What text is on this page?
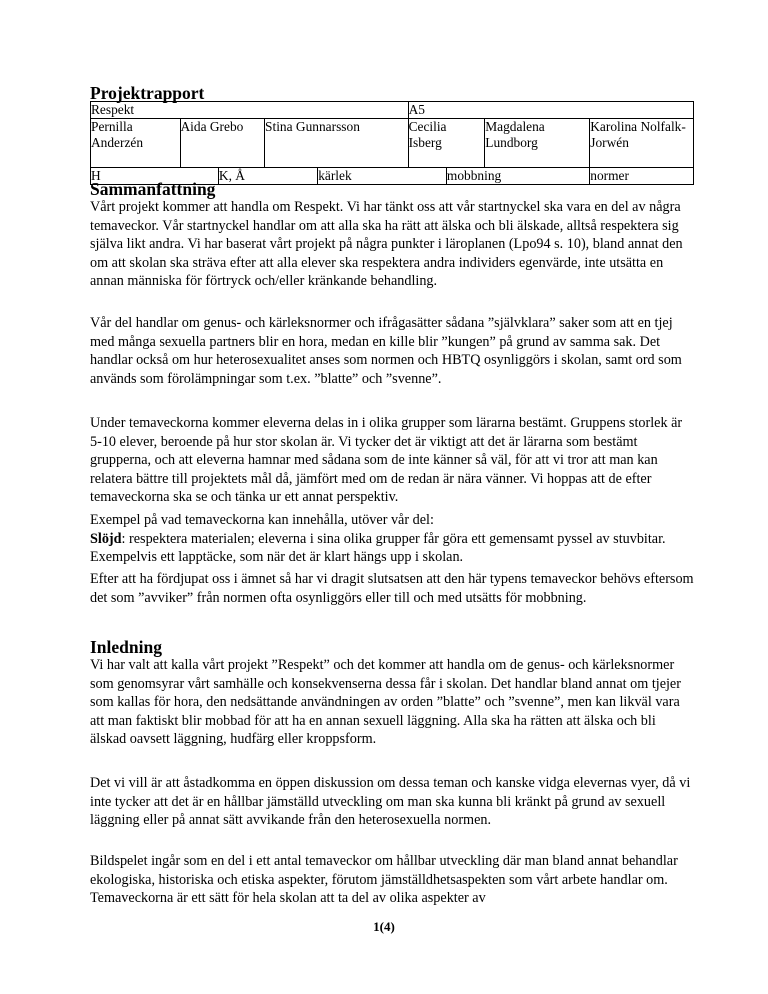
Projektrapport
Respekt					A5			
Pernilla Anderzén	Aida Grebo		Stina Gunnarsson		Cecilia Isberg		Magdalena Lundborg	Karolina Nolfalk-Jorwén
H		K, Å		kärlek		mobbning		normer
Sammanfattning

Vårt projekt kommer att handla om Respekt. Vi har tänkt oss att vår startnyckel ska vara en del av några temaveckor. Vår startnyckel handlar om att alla ska ha rätt att älska och bli älskade, alltså respektera sig själva likt andra. Vi har baserat vårt projekt på några punkter i läroplanen (Lpo94 s. 10), bland annat den om att skolan ska sträva efter att alla elever ska respektera andra individers egenvärde, inte utsätta en annan människa för förtryck och/eller kränkande behandling.

Vår del handlar om genus- och kärleksnormer och ifrågasätter sådana ”självklara” saker som att en tjej med många sexuella partners blir en hora, medan en kille blir ”kungen” på grund av samma sak. Det handlar också om hur heterosexualitet anses som normen och HBTQ osynliggörs i skolan, samt ord som används som förolämpningar som t.ex. ”blatte” och ”svenne”.

Under temaveckorna kommer eleverna delas in i olika grupper som lärarna bestämt. Gruppens storlek är 5-10 elever, beroende på hur stor skolan är. Vi tycker det är viktigt att det är lärarna som bestämt grupperna, och att eleverna hamnar med sådana som de inte känner så väl, för att vi tror att man kan relatera bättre till projektets mål då, jämfört med om de redan är nära vänner. Vi hoppas att de efter temaveckorna ska se och tänka ur ett annat perspektiv.

Exempel på vad temaveckorna kan innehålla, utöver vår del:
Slöjd: respektera materialen; eleverna i sina olika grupper får göra ett gemensamt pyssel av stuvbitar. Exempelvis ett lapptäcke, som när det är klart hängs upp i skolan.

Efter att ha fördjupat oss i ämnet så har vi dragit slutsatsen att den här typens temaveckor behövs eftersom det som ”avviker” från normen ofta osynliggörs eller till och med utsätts för mobbning.

Inledning

Vi har valt att kalla vårt projekt ”Respekt” och det kommer att handla om de genus- och kärleksnormer som genomsyrar vårt samhälle och konsekvenserna dessa får i skolan. Det handlar bland annat om tjejer som kallas för hora, den nedsättande användningen av orden ”blatte” och ”svenne”, men kan likväl vara att man faktiskt blir mobbad för att ha en annan sexuell läggning. Alla ska ha rätten att älska och bli älskad oavsett läggning, hudfärg eller kroppsform.

Det vi vill är att åstadkomma en öppen diskussion om dessa teman och kanske vidga elevernas vyer, då vi inte tycker att det är en hållbar jämställd utveckling om man ska kunna bli kränkt på grund av sexuell läggning eller på annat sätt avvikande från den heterosexuella normen.

Bildspelet ingår som en del i ett antal temaveckor om hållbar utveckling där man bland annat behandlar ekologiska, historiska och etiska aspekter, förutom jämställdhetsaspekten som vårt arbete handlar om. Temaveckorna är ett sätt för hela skolan att ta del av olika aspekter av

1(4)
